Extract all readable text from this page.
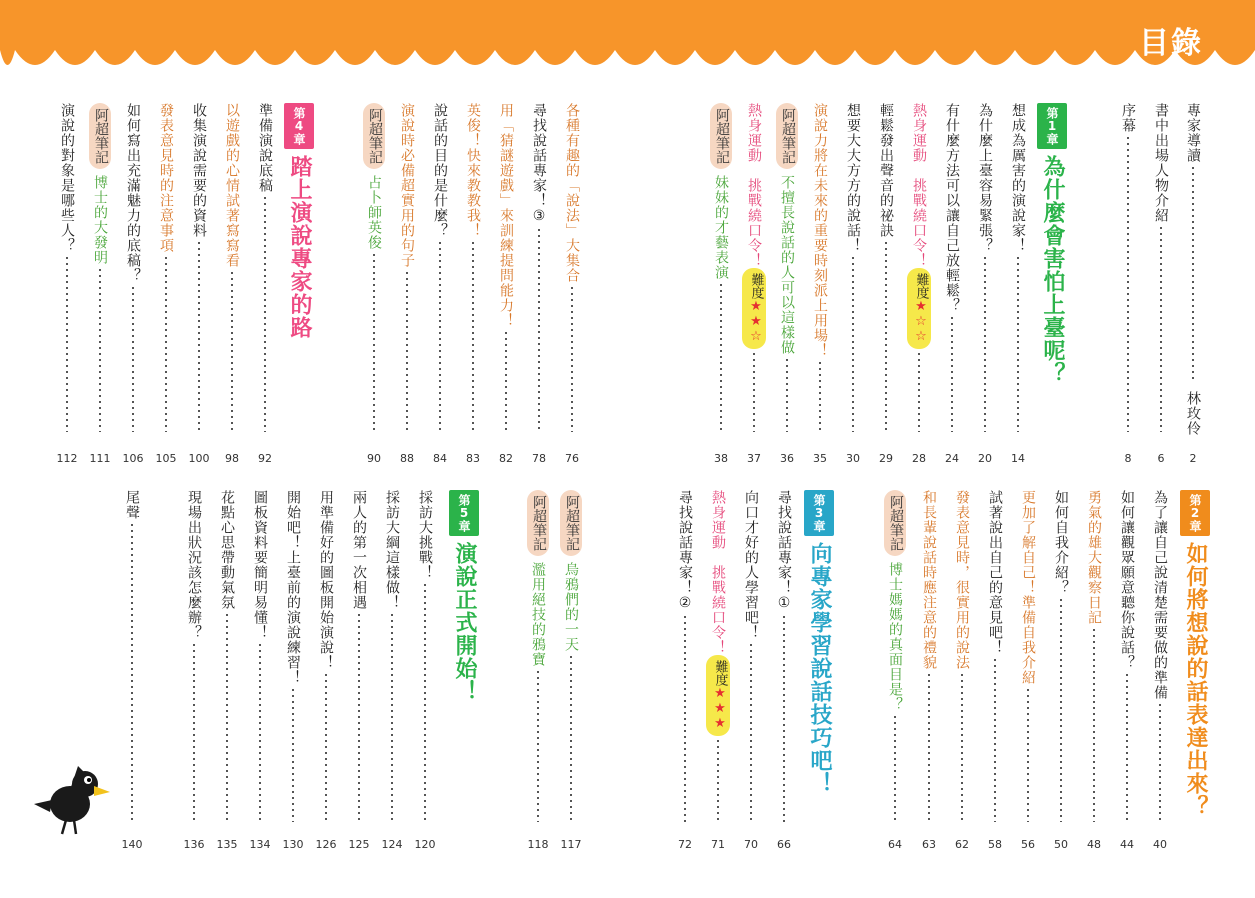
目錄
專家導讀
林玫伶
2
書中出場人物介紹
6
序幕
8
想成為厲害的演說家！
14
為什麼上臺容易緊張？
20
有什麼方法可以讓自己放輕鬆？
24
熱身運動　挑戰繞口令！
難度★☆☆
28
輕鬆發出聲音的祕訣
29
想要大大方方的說話！
30
演說力將在未來的重要時刻派上用場！
35
阿超筆記
不擅長說話的人可以這樣做
36
熱身運動　挑戰繞口令！
難度★★☆
37
阿超筆記
妹妹的才藝表演
38
各種有趣的「說法」大集合
76
尋找說話專家！③
78
用「猜謎遊戲」來訓練提問能力！
82
英俊！快來教教我！
83
說話的目的是什麼？
84
演說時必備超實用的句子
88
阿超筆記
占卜師英俊
90
準備演說底稿
92
以遊戲的心情試著寫寫看
98
收集演說需要的資料
100
發表意見時的注意事項
105
如何寫出充滿魅力的底稿？
106
阿超筆記
博士的大發明
111
演說的對象是哪些人？
112
為了讓自己說清楚需要做的準備
40
如何讓觀眾願意聽你說話？
44
勇氣的雄大觀察日記
48
如何自我介紹？
50
更加了解自己！準備自我介紹
56
試著說出自己的意見吧！
58
發表意見時，很實用的說法
62
和長輩說話時應注意的禮貌
63
阿超筆記
博士媽媽的真面目是？
64
尋找說話專家！①
66
向口才好的人學習吧！
70
熱身運動　挑戰繞口令！
難度★★★
71
尋找說話專家！②
72
阿超筆記
烏鴉們的一天
117
阿超筆記
濫用絕技的鴉寶
118
採訪大挑戰！
120
採訪大綱這樣做！
124
兩人的第一次相遇
125
用準備好的圖板開始演說！
126
開始吧！上臺前的演說練習！
130
圖板資料要簡明易懂！
134
花點心思帶動氣氛
135
現場出狀況該怎麼辦？
136
尾聲
140
第1章
為什麼會害怕上臺呢？
第2章
如何將想說的話表達出來？
第3章
向專家學習說話技巧吧！
第4章
踏上演說專家的路
第5章
演說正式開始！
